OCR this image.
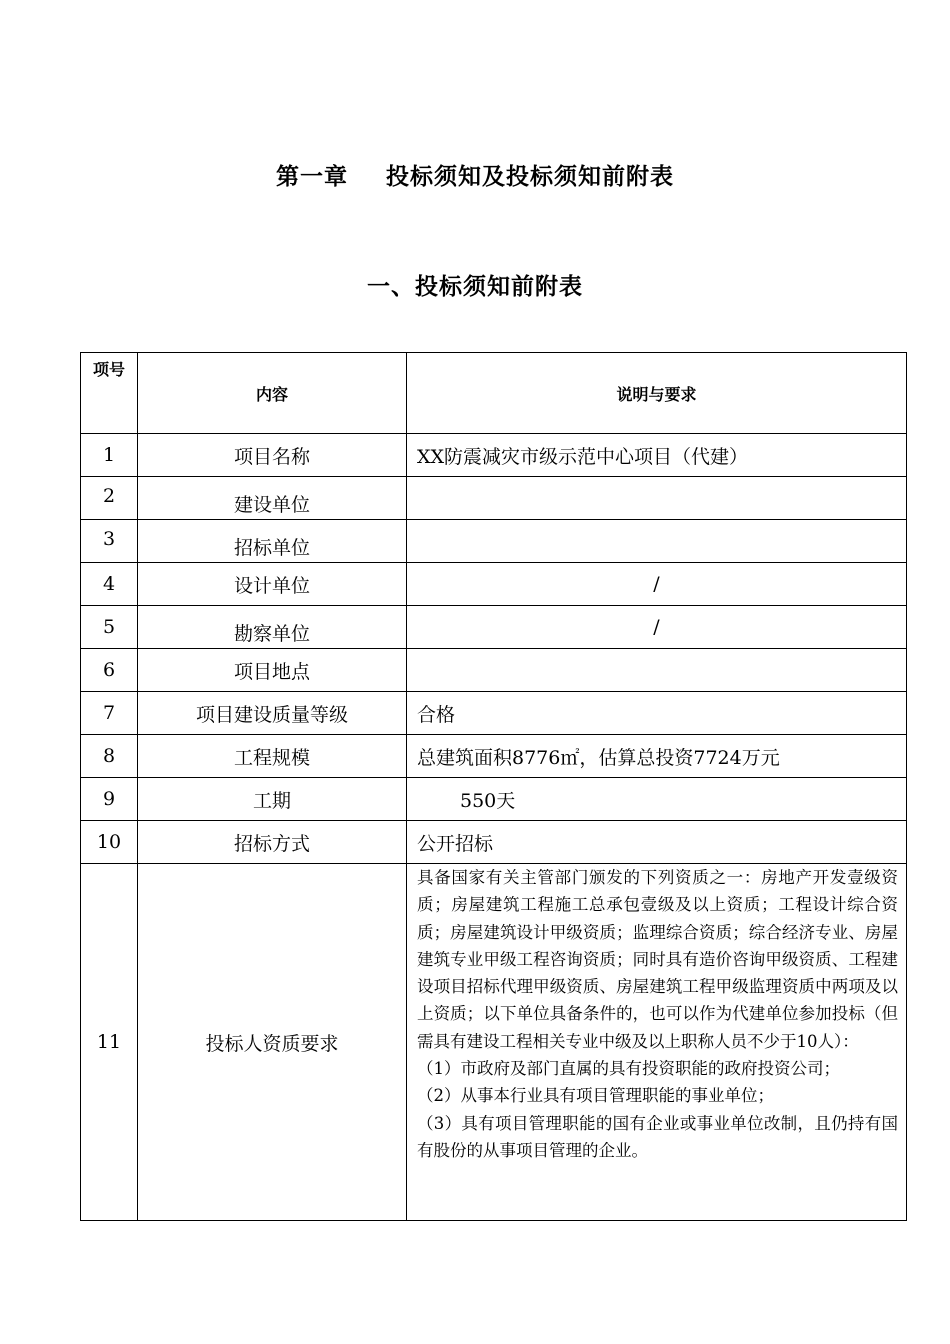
第一章 投标须知及投标须知前附表
一、投标须知前附表
项号	内容	说明与要求
1	项目名称	XX防震减灾市级示范中心项目（代建）
2	建设单位	
3	招标单位	
4	设计单位	/
5	勘察单位	/
6	项目地点	
7	项目建设质量等级	合格
8	工程规模	总建筑面积8776㎡，估算总投资7724万元
9	工期	550天
10	招标方式	公开招标
11	投标人资质要求	具备国家有关主管部门颁发的下列资质之一：房地产开发壹级资质；房屋建筑工程施工总承包壹级及以上资质；工程设计综合资质；房屋建筑设计甲级资质；监理综合资质；综合经济专业、房屋建筑专业甲级工程咨询资质；同时具有造价咨询甲级资质、工程建设项目招标代理甲级资质、房屋建筑工程甲级监理资质中两项及以上资质；以下单位具备条件的，也可以作为代建单位参加投标（但需具有建设工程相关专业中级及以上职称人员不少于10人）：

（1）市政府及部门直属的具有投资职能的政府投资公司；

（2）从事本行业具有项目管理职能的事业单位；

（3）具有项目管理职能的国有企业或事业单位改制，且仍持有国有股份的从事项目管理的企业。
